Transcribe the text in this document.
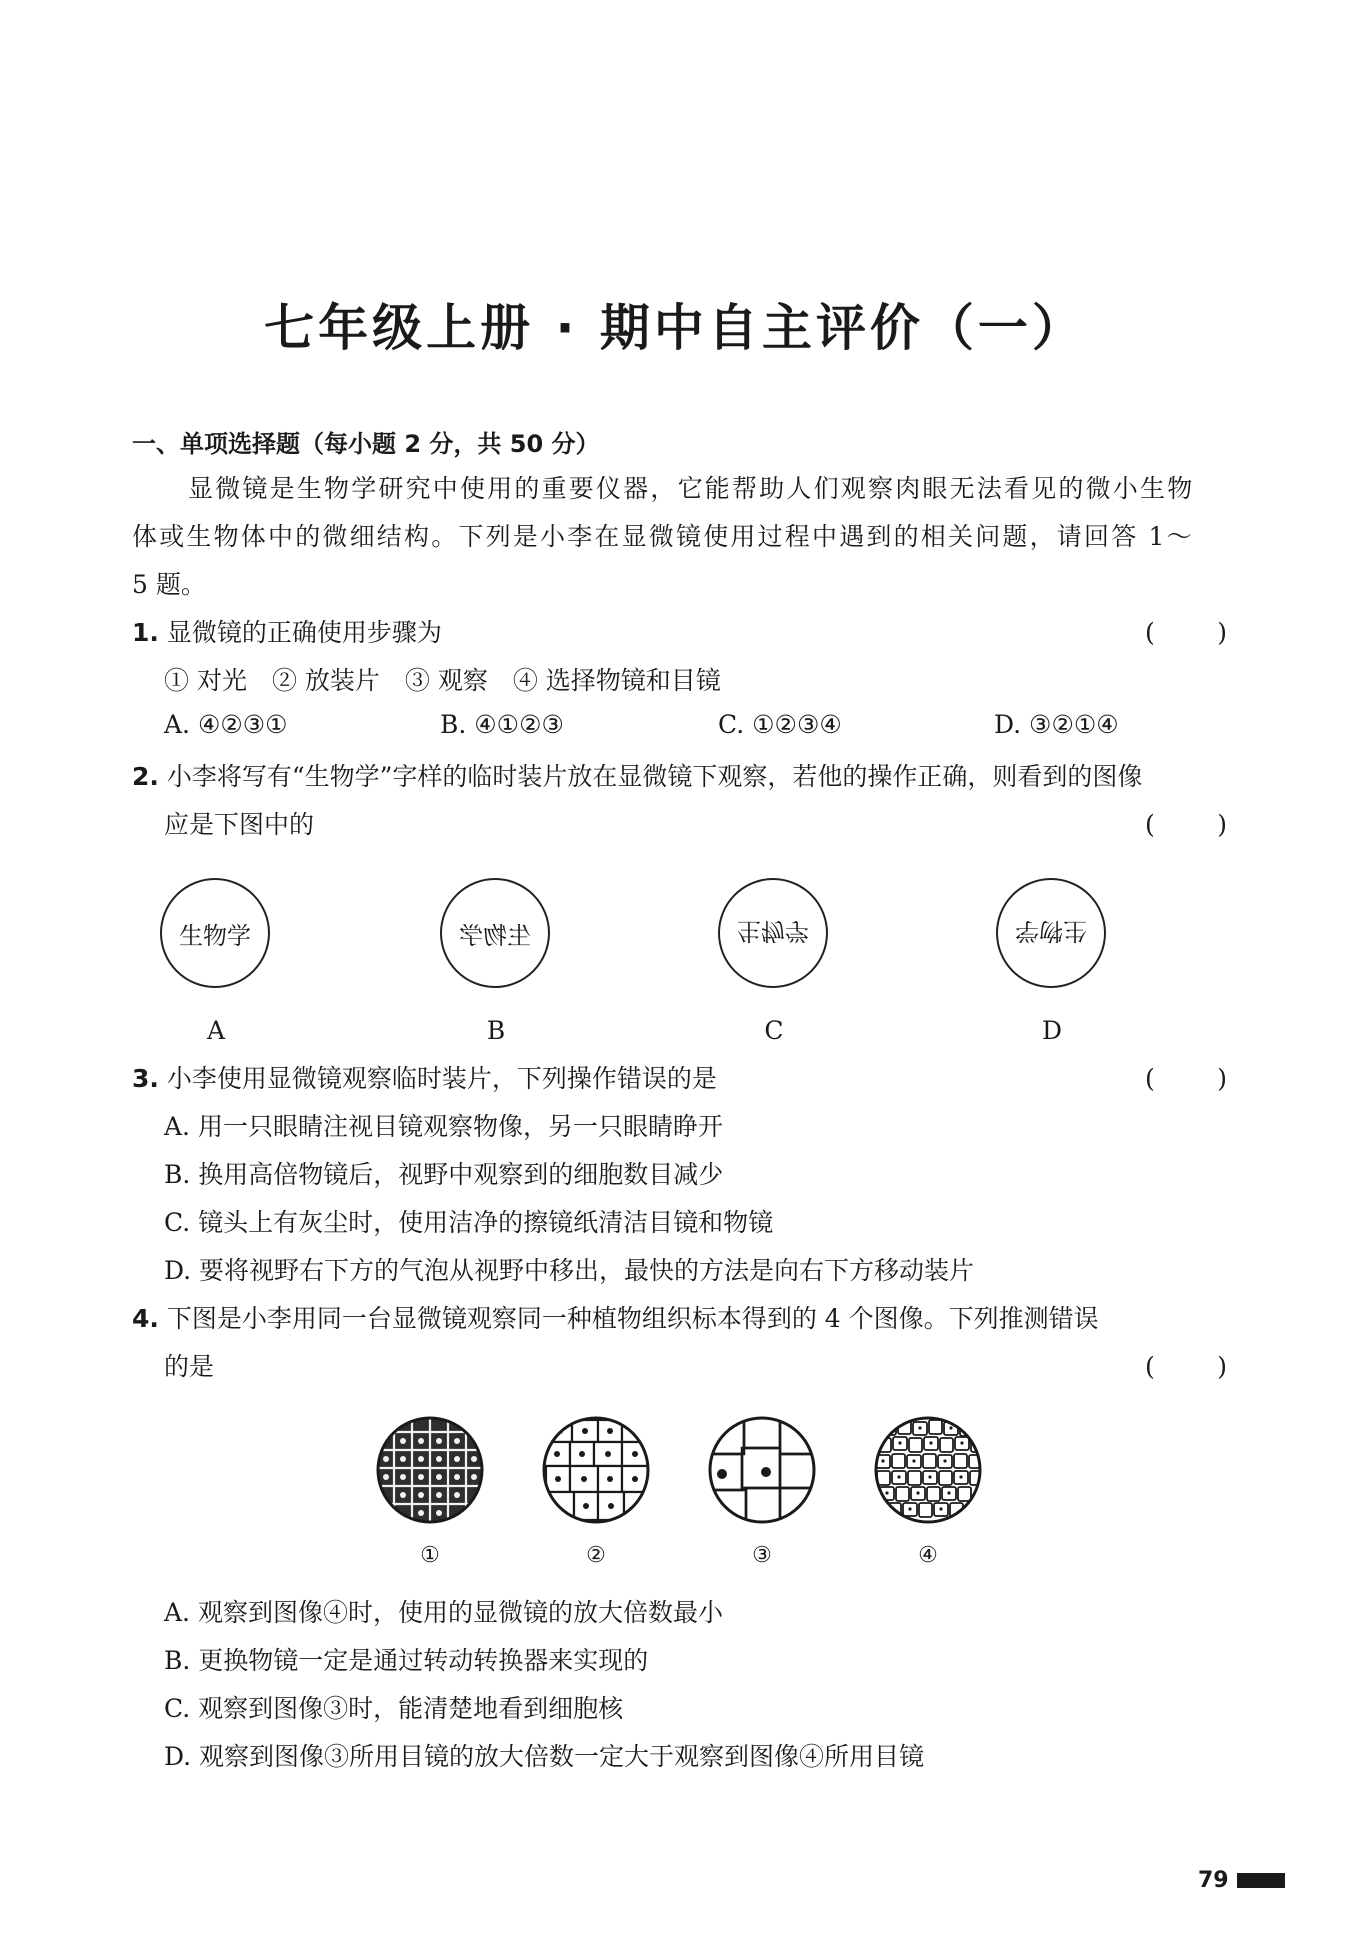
七年级上册 · 期中自主评价（一）
一、单项选择题（每小题 2 分，共 50 分）
显微镜是生物学研究中使用的重要仪器，它能帮助人们观察肉眼无法看见的微小生物
体或生物体中的微细结构。下列是小李在显微镜使用过程中遇到的相关问题，请回答 1～
5 题。
1. 显微镜的正确使用步骤为	( )
① 对光　② 放装片　③ 观察　④ 选择物镜和目镜
A. ④②③①	B. ④①②③	C. ①②③④	D. ③②①④
2. 小李将写有“生物学”字样的临时装片放在显微镜下观察，若他的操作正确，则看到的图像
应是下图中的	( )
生物学	生物学	生物学	生物学
A	B	C	D
3. 小李使用显微镜观察临时装片，下列操作错误的是	( )
A. 用一只眼睛注视目镜观察物像，另一只眼睛睁开
B. 换用高倍物镜后，视野中观察到的细胞数目减少
C. 镜头上有灰尘时，使用洁净的擦镜纸清洁目镜和物镜
D. 要将视野右下方的气泡从视野中移出，最快的方法是向右下方移动装片
4. 下图是小李用同一台显微镜观察同一种植物组织标本得到的 4 个图像。下列推测错误
的是	( )
①	②	③	④
A. 观察到图像④时，使用的显微镜的放大倍数最小
B. 更换物镜一定是通过转动转换器来实现的
C. 观察到图像③时，能清楚地看到细胞核
D. 观察到图像③所用目镜的放大倍数一定大于观察到图像④所用目镜
79
